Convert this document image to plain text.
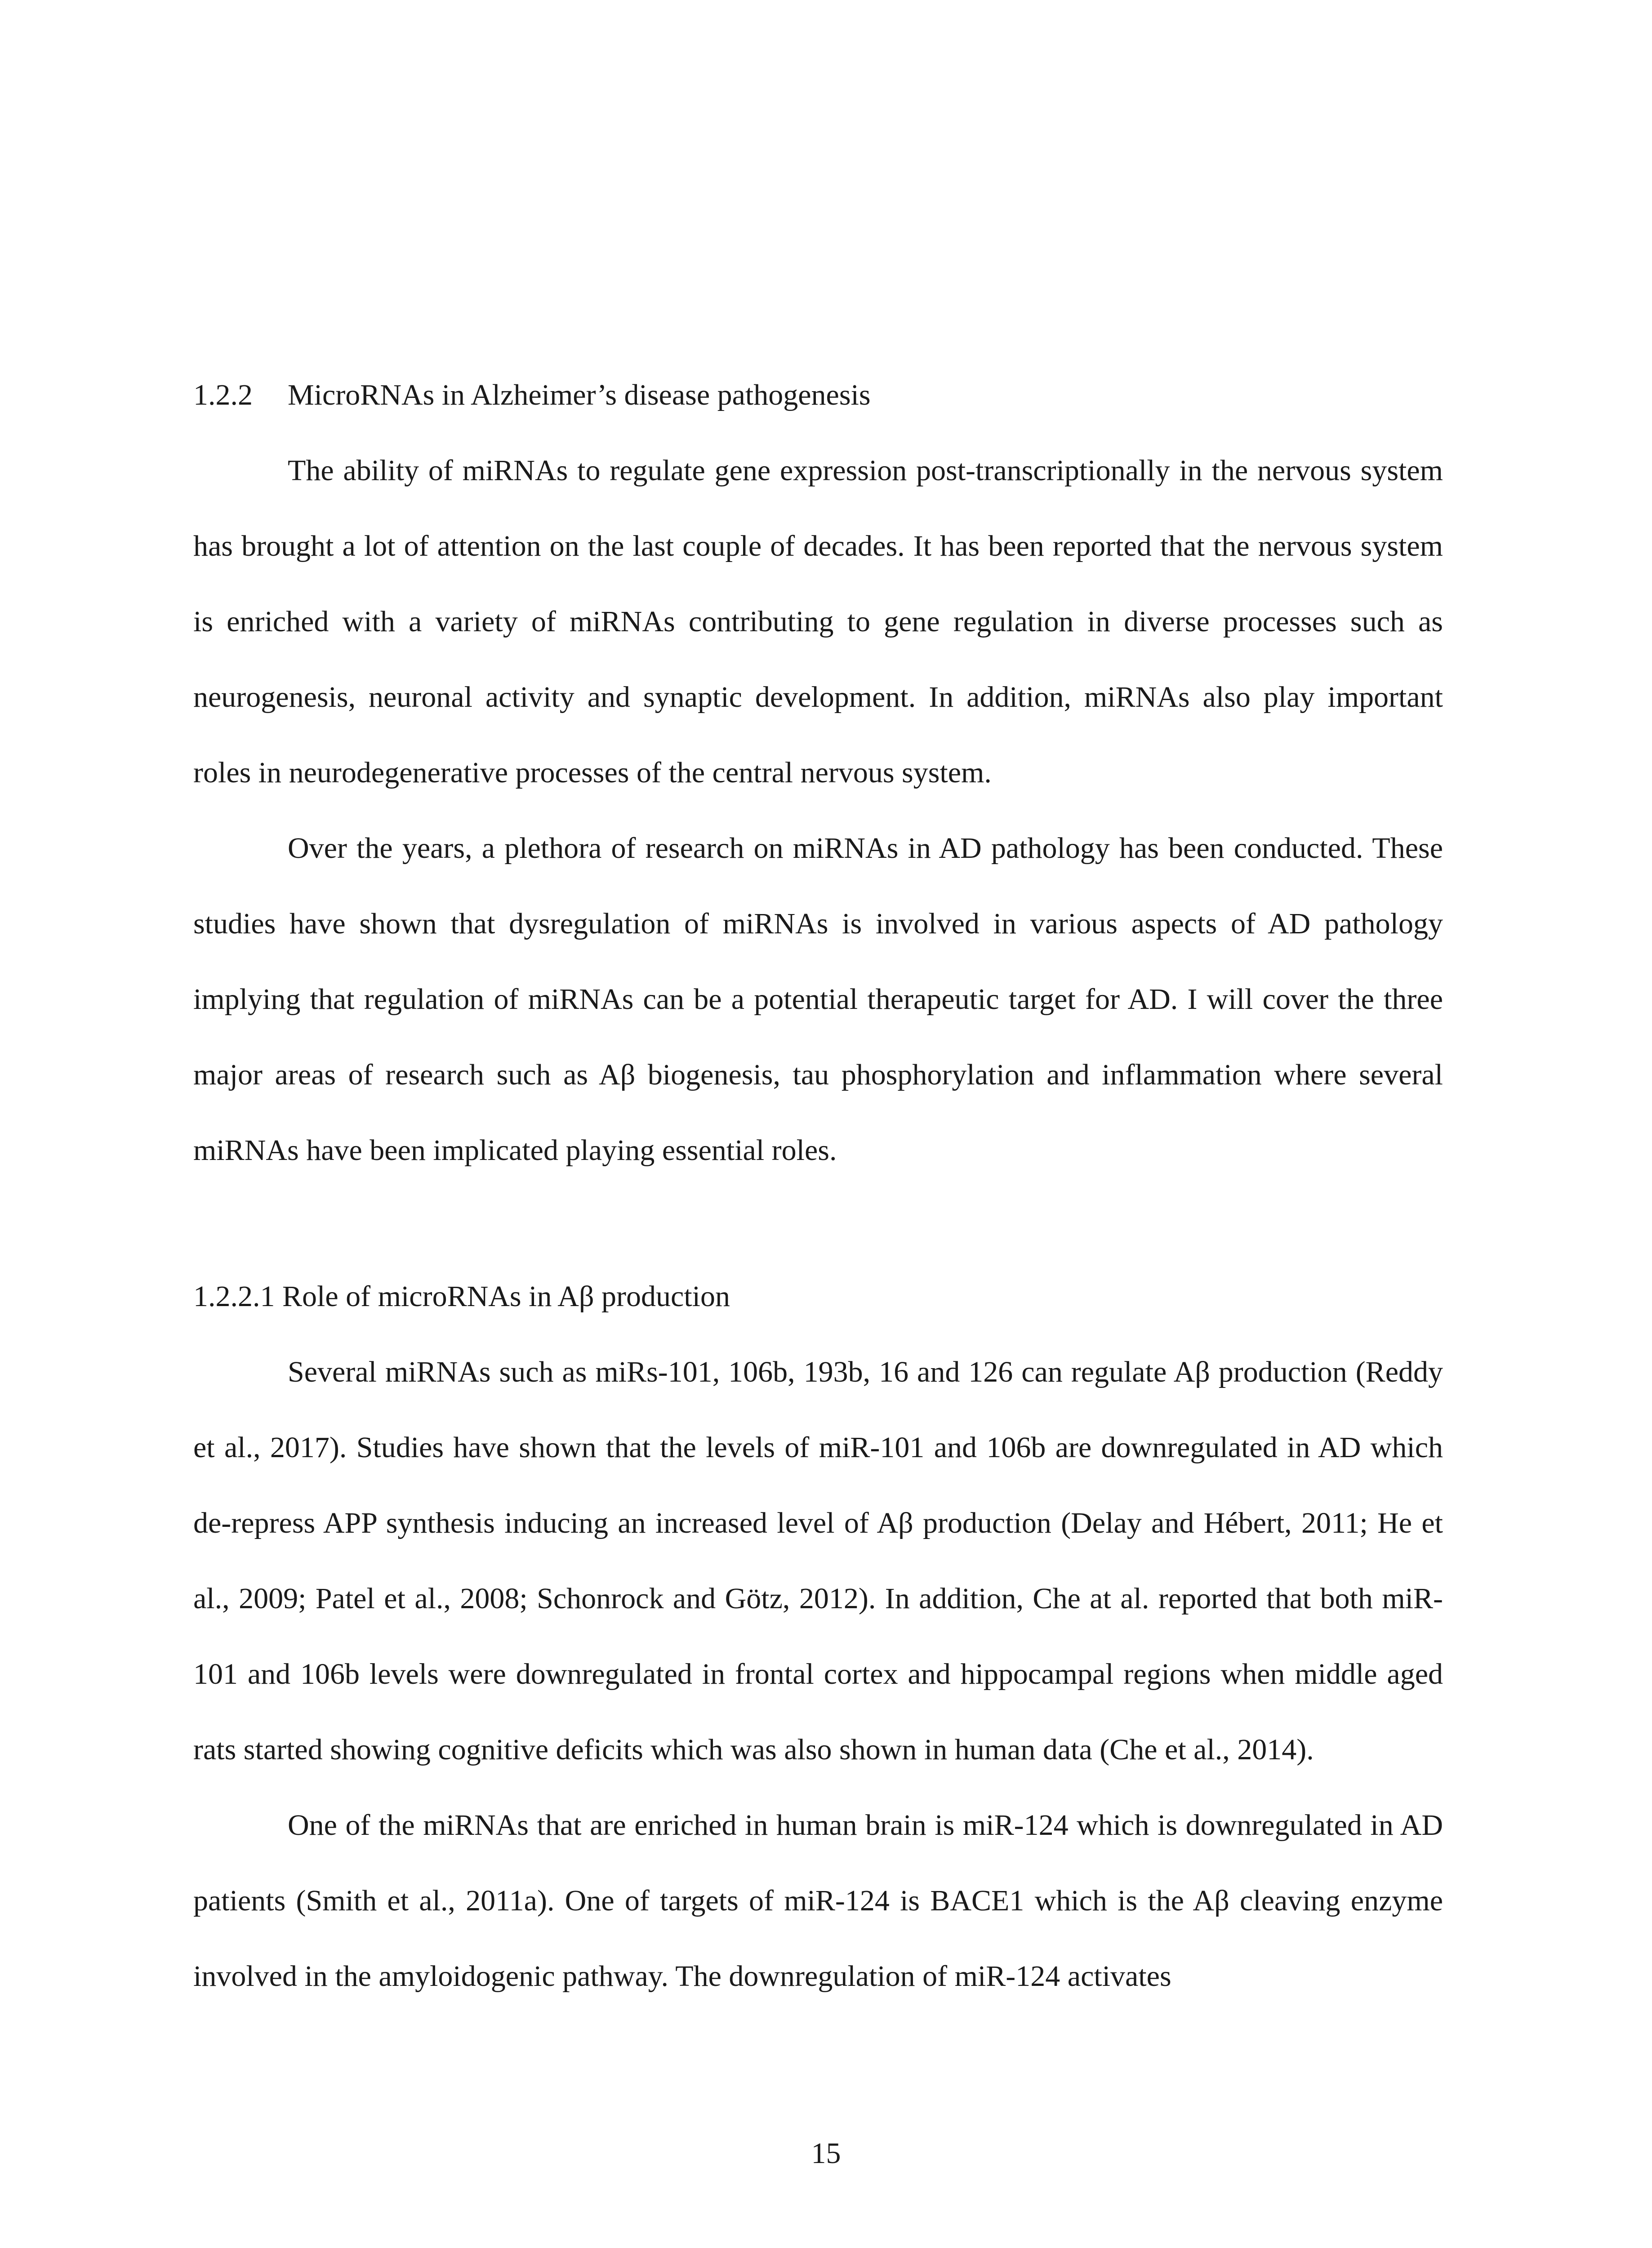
1.2.2 MicroRNAs in Alzheimer’s disease pathogenesis

The ability of miRNAs to regulate gene expression post-transcriptionally in the nervous system has brought a lot of attention on the last couple of decades. It has been reported that the nervous system is enriched with a variety of miRNAs contributing to gene regulation in diverse processes such as neurogenesis, neuronal activity and synaptic development. In addition, miRNAs also play important roles in neurodegenerative processes of the central nervous system.

Over the years, a plethora of research on miRNAs in AD pathology has been conducted. These studies have shown that dysregulation of miRNAs is involved in various aspects of AD pathology implying that regulation of miRNAs can be a potential therapeutic target for AD. I will cover the three major areas of research such as Aβ biogenesis, tau phosphorylation and inflammation where several miRNAs have been implicated playing essential roles.

1.2.2.1 Role of microRNAs in Aβ production

Several miRNAs such as miRs-101, 106b, 193b, 16 and 126 can regulate Aβ production (Reddy et al., 2017). Studies have shown that the levels of miR-101 and 106b are downregulated in AD which de-repress APP synthesis inducing an increased level of Aβ production (Delay and Hébert, 2011; He et al., 2009; Patel et al., 2008; Schonrock and Götz, 2012). In addition, Che at al. reported that both miR-101 and 106b levels were downregulated in frontal cortex and hippocampal regions when middle aged rats started showing cognitive deficits which was also shown in human data (Che et al., 2014).

One of the miRNAs that are enriched in human brain is miR-124 which is downregulated in AD patients (Smith et al., 2011a). One of targets of miR-124 is BACE1 which is the Aβ cleaving enzyme involved in the amyloidogenic pathway. The downregulation of miR-124 activates

15
